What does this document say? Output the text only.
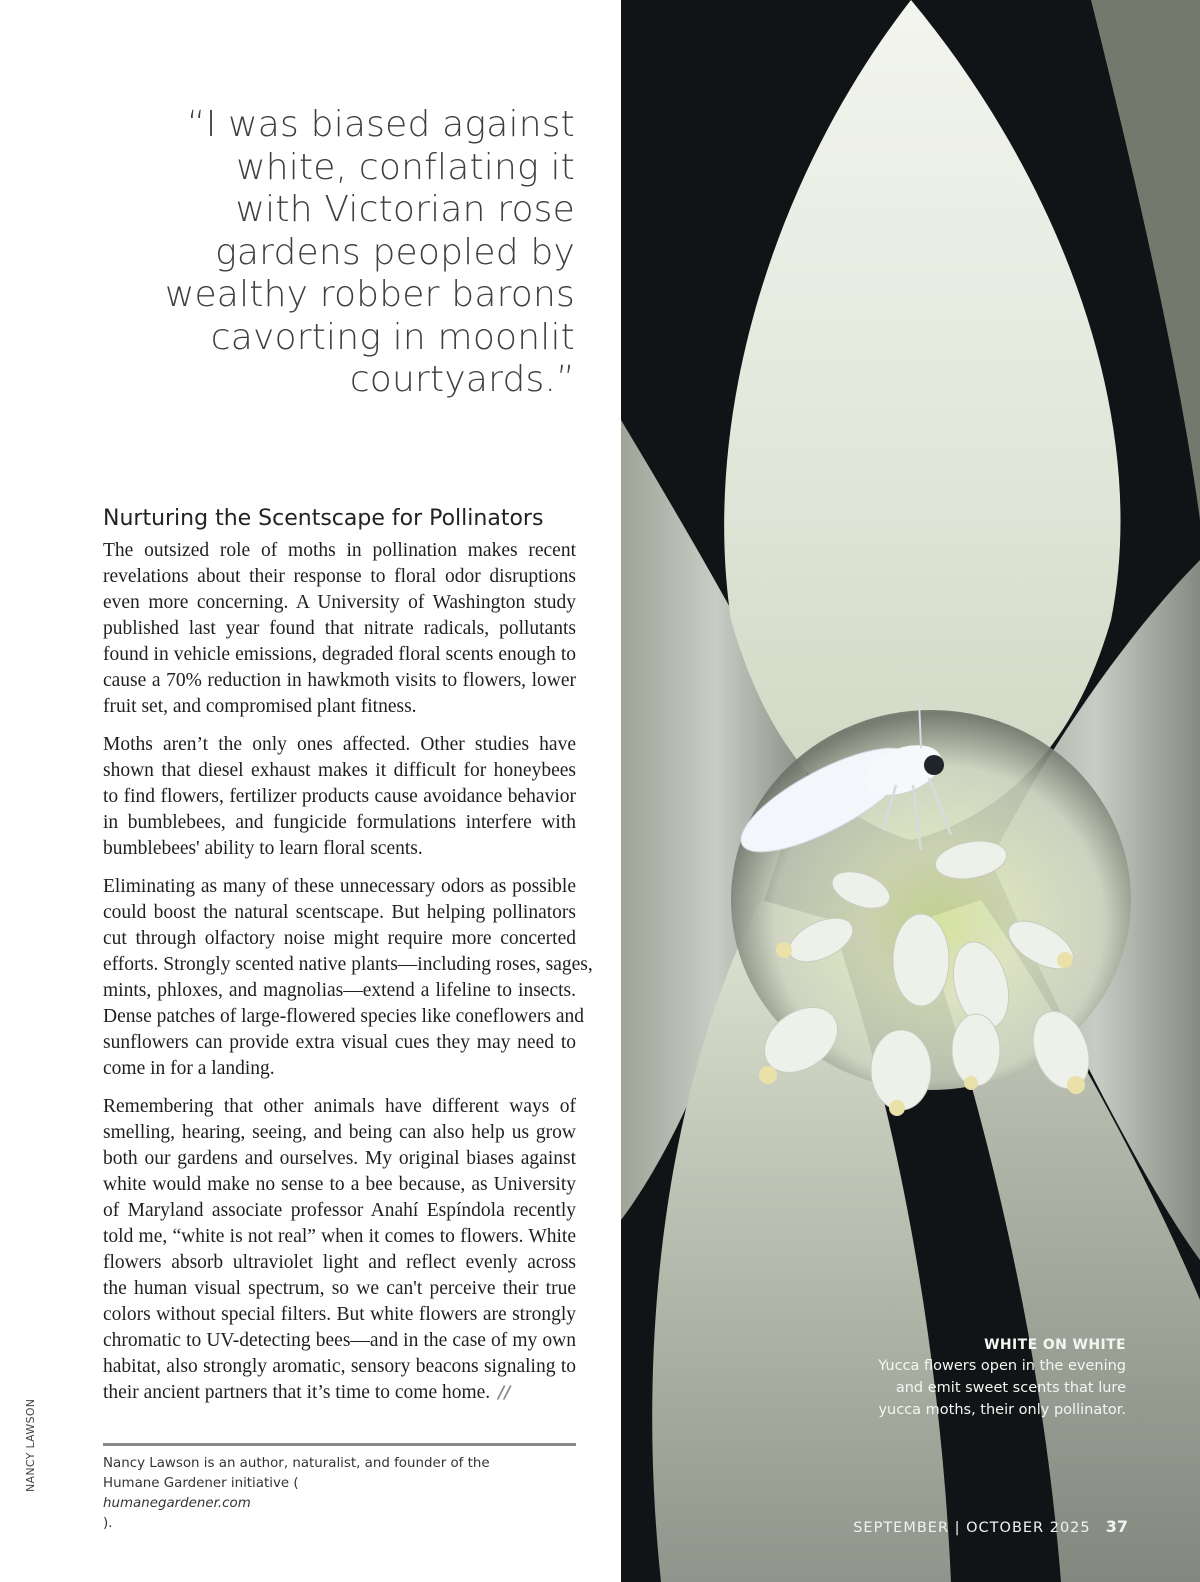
“I was biased against
white, conflating it
with Victorian rose
gardens peopled by
wealthy robber barons
cavorting in moonlit
courtyards.”
Nurturing the Scentscape for Pollinators
The outsized role of moths in pollination makes recent
revelations about their response to floral odor disruptions
even more concerning. A University of Washington study
published last year found that nitrate radicals, pollutants
found in vehicle emissions, degraded floral scents enough to
cause a 70% reduction in hawkmoth visits to flowers, lower
fruit set, and compromised plant fitness.
Moths aren’t the only ones affected. Other studies have
shown that diesel exhaust makes it difficult for honeybees
to find flowers, fertilizer products cause avoidance behavior
in bumblebees, and fungicide formulations interfere with
bumblebees' ability to learn floral scents.
Eliminating as many of these unnecessary odors as possible
could boost the natural scentscape. But helping pollinators
cut through olfactory noise might require more concerted
efforts. Strongly scented native plants—including roses, sages,
mints, phloxes, and magnolias—extend a lifeline to insects.
Dense patches of large-flowered species like coneflowers and
sunflowers can provide extra visual cues they may need to
come in for a landing.
Remembering that other animals have different ways of
smelling, hearing, seeing, and being can also help us grow
both our gardens and ourselves. My original biases against
white would make no sense to a bee because, as University
of Maryland associate professor Anahí Espíndola recently
told me, “white is not real” when it comes to flowers. White
flowers absorb ultraviolet light and reflect evenly across
the human visual spectrum, so we can't perceive their true
colors without special filters. But white flowers are strongly
chromatic to UV-detecting bees—and in the case of my own
habitat, also strongly aromatic, sensory beacons signaling to
their ancient partners that it’s time to come home. //
Nancy Lawson is an author, naturalist, and founder of the
Humane Gardener initiative (
humanegardener.com
).
NANCY LAWSON
WHITE ON WHITE
Yucca flowers open in the evening
and emit sweet scents that lure
yucca moths, their only pollinator.
SEPTEMBER | OCTOBER 2025 37
